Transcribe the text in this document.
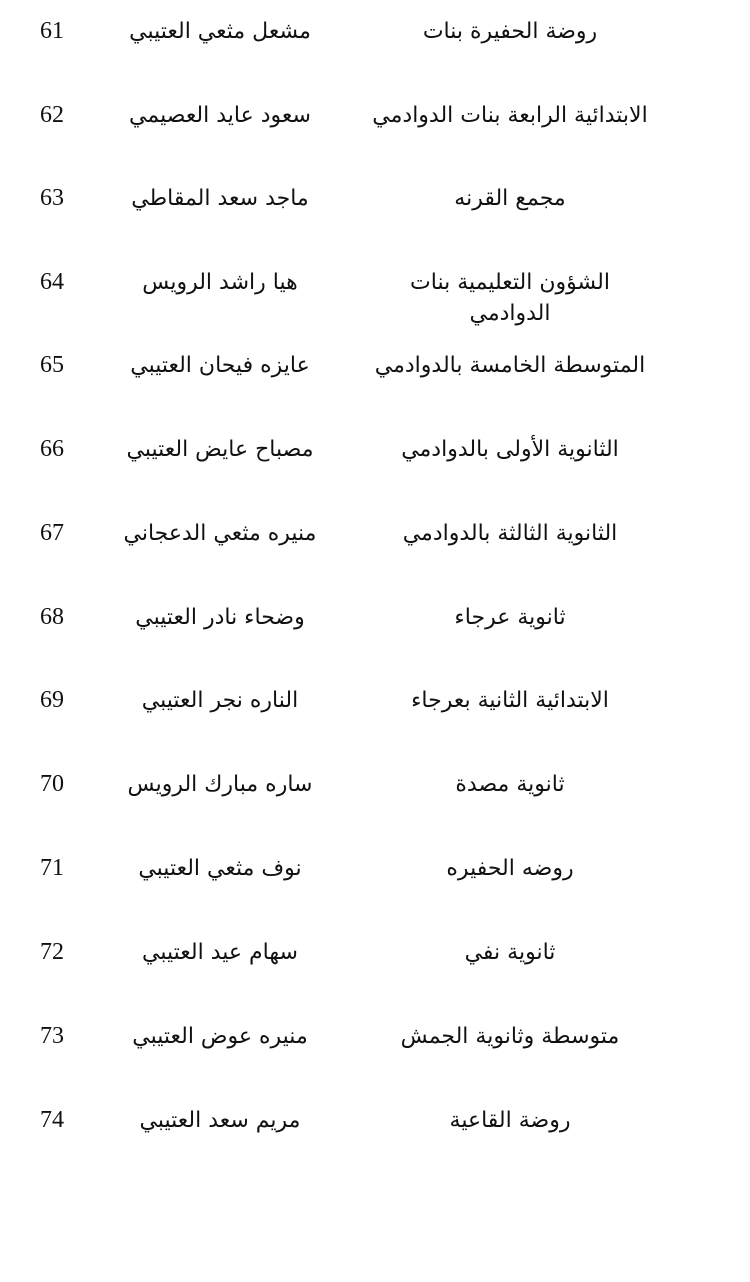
61	مشعل مثعي العتيبي	روضة الحفيرة بنات
62	سعود عايد العصيمي	الابتدائية الرابعة بنات الدوادمي
63	ماجد سعد المقاطي	مجمع القرنه
64	هيا راشد الرويس	الشؤون التعليمية بنات الدوادمي
65	عايزه فيحان العتيبي	المتوسطة الخامسة بالدوادمي
66	مصباح عايض العتيبي	الثانوية الأولى بالدوادمي
67	منيره مثعي الدعجاني	الثانوية الثالثة بالدوادمي
68	وضحاء نادر العتيبي	ثانوية عرجاء
69	الناره نجر العتيبي	الابتدائية الثانية بعرجاء
70	ساره مبارك الرويس	ثانوية مصدة
71	نوف مثعي العتيبي	روضه الحفيره
72	سهام عيد العتيبي	ثانوية نفي
73	منيره عوض العتيبي	متوسطة وثانوية الجمش
74	مريم سعد العتيبي	روضة القاعية
